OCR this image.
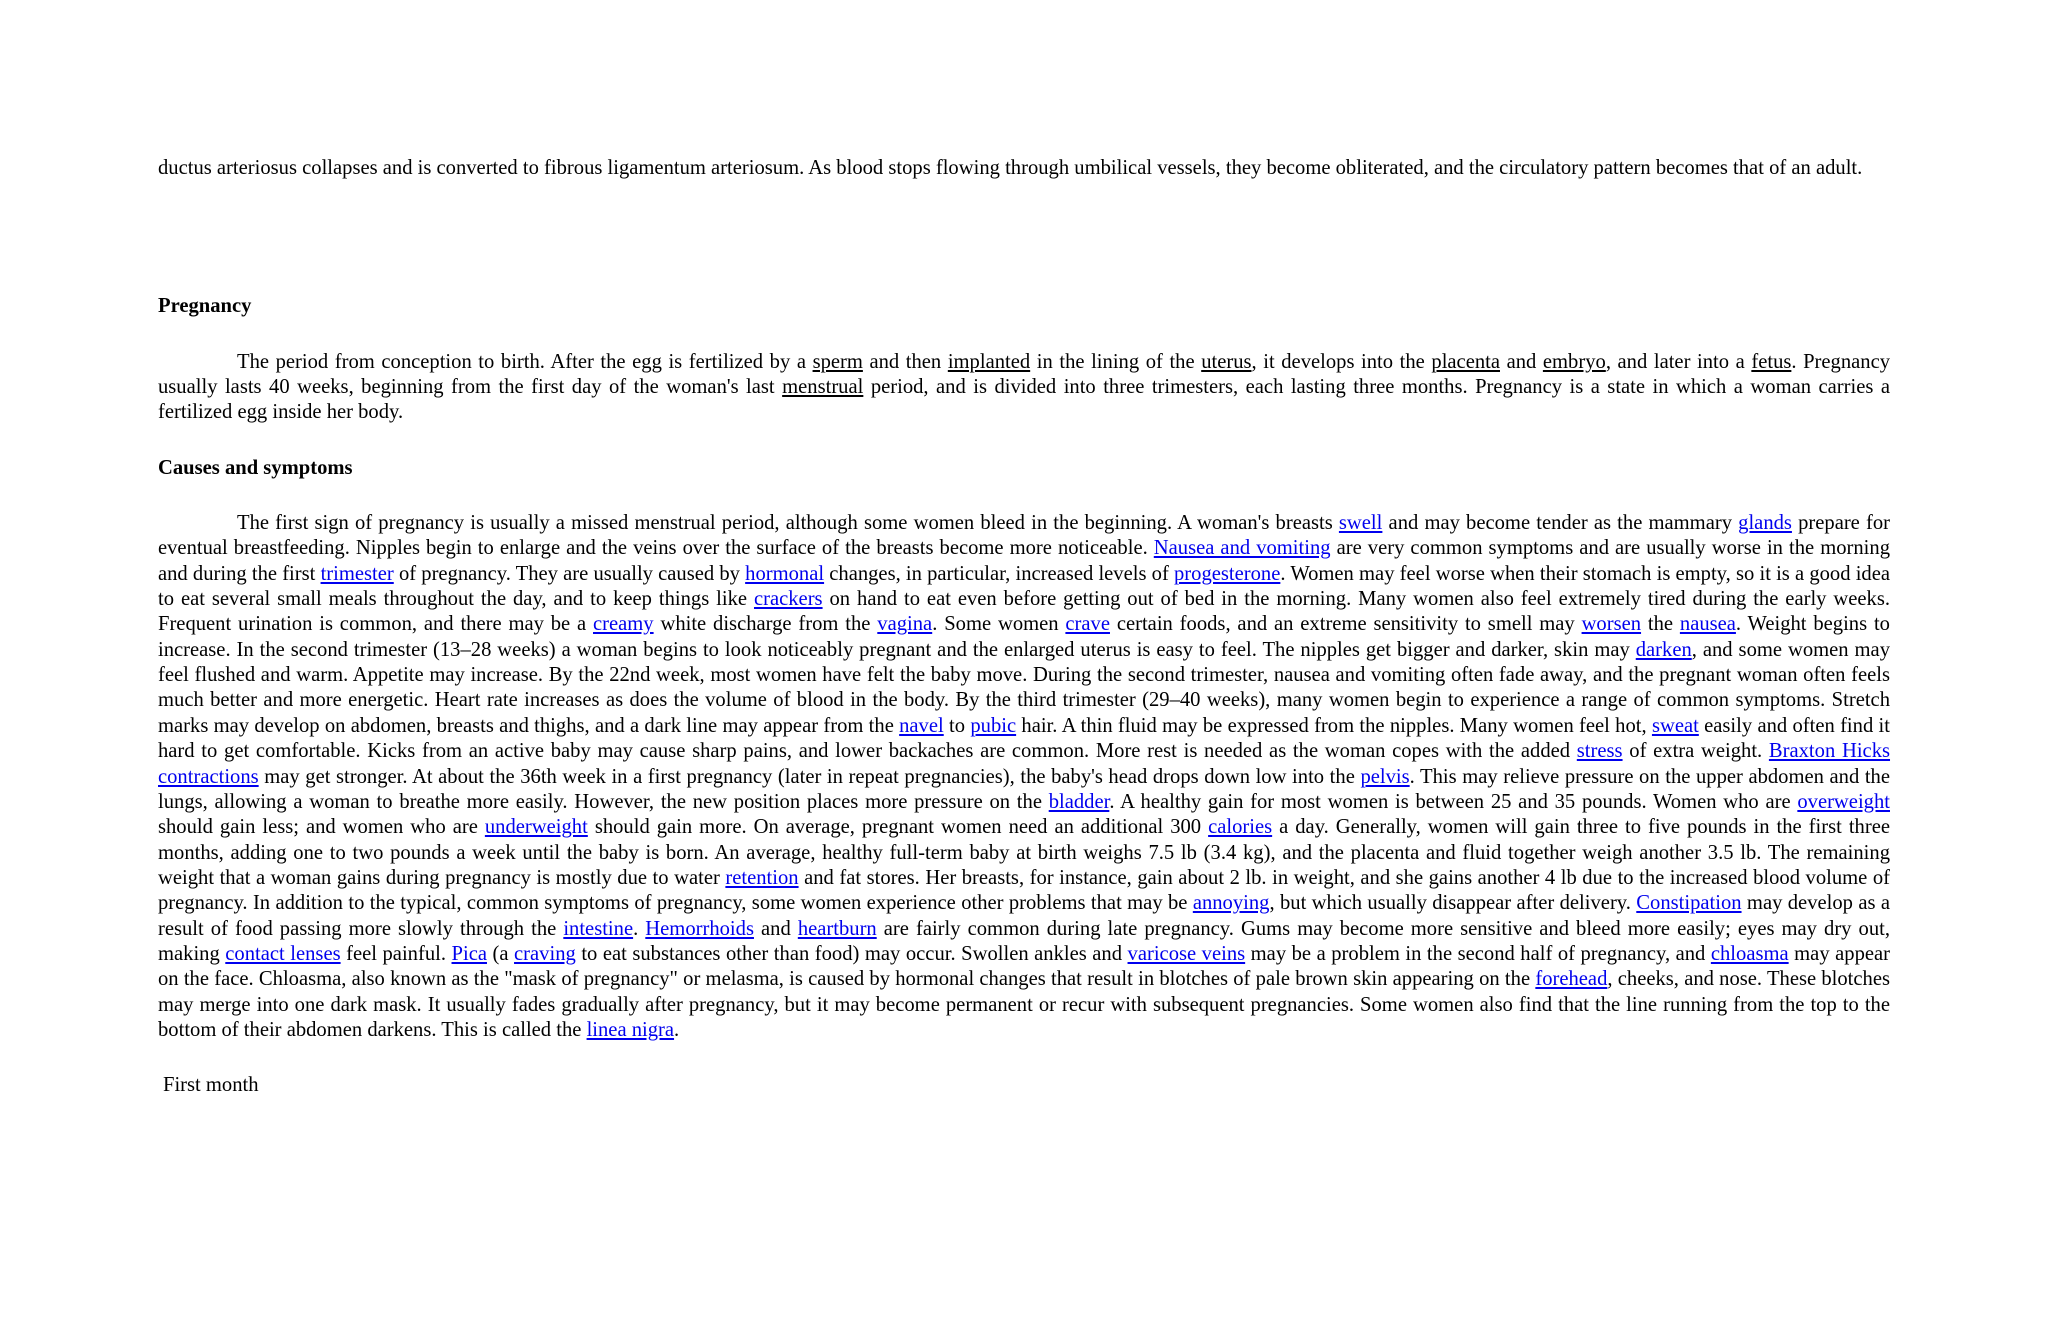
ductus arteriosus collapses and is converted to fibrous ligamentum arteriosum. As blood stops flowing through umbilical vessels, they become obliterated, and the circulatory pattern becomes that of an adult.

Pregnancy

The period from conception to birth. After the egg is fertilized by a sperm and then implanted in the lining of the uterus, it develops into the placenta and embryo, and later into a fetus. Pregnancy usually lasts 40 weeks, beginning from the first day of the woman's last menstrual period, and is divided into three trimesters, each lasting three months. Pregnancy is a state in which a woman carries a fertilized egg inside her body.

Causes and symptoms

The first sign of pregnancy is usually a missed menstrual period, although some women bleed in the beginning. A woman's breasts swell and may become tender as the mammary glands prepare for eventual breastfeeding. Nipples begin to enlarge and the veins over the surface of the breasts become more noticeable. Nausea and vomiting are very common symptoms and are usually worse in the morning and during the first trimester of pregnancy. They are usually caused by hormonal changes, in particular, increased levels of progesterone. Women may feel worse when their stomach is empty, so it is a good idea to eat several small meals throughout the day, and to keep things like crackers on hand to eat even before getting out of bed in the morning. Many women also feel extremely tired during the early weeks. Frequent urination is common, and there may be a creamy white discharge from the vagina. Some women crave certain foods, and an extreme sensitivity to smell may worsen the nausea. Weight begins to increase. In the second trimester (13–28 weeks) a woman begins to look noticeably pregnant and the enlarged uterus is easy to feel. The nipples get bigger and darker, skin may darken, and some women may feel flushed and warm. Appetite may increase. By the 22nd week, most women have felt the baby move. During the second trimester, nausea and vomiting often fade away, and the pregnant woman often feels much better and more energetic. Heart rate increases as does the volume of blood in the body. By the third trimester (29–40 weeks), many women begin to experience a range of common symptoms. Stretch marks may develop on abdomen, breasts and thighs, and a dark line may appear from the navel to pubic hair. A thin fluid may be expressed from the nipples. Many women feel hot, sweat easily and often find it hard to get comfortable. Kicks from an active baby may cause sharp pains, and lower backaches are common. More rest is needed as the woman copes with the added stress of extra weight. Braxton Hicks contractions may get stronger. At about the 36th week in a first pregnancy (later in repeat pregnancies), the baby's head drops down low into the pelvis. This may relieve pressure on the upper abdomen and the lungs, allowing a woman to breathe more easily. However, the new position places more pressure on the bladder. A healthy gain for most women is between 25 and 35 pounds. Women who are overweight should gain less; and women who are underweight should gain more. On average, pregnant women need an additional 300 calories a day. Generally, women will gain three to five pounds in the first three months, adding one to two pounds a week until the baby is born. An average, healthy full-term baby at birth weighs 7.5 lb (3.4 kg), and the placenta and fluid together weigh another 3.5 lb. The remaining weight that a woman gains during pregnancy is mostly due to water retention and fat stores. Her breasts, for instance, gain about 2 lb. in weight, and she gains another 4 lb due to the increased blood volume of pregnancy. In addition to the typical, common symptoms of pregnancy, some women experience other problems that may be annoying, but which usually disappear after delivery. Constipation may develop as a result of food passing more slowly through the intestine. Hemorrhoids and heartburn are fairly common during late pregnancy. Gums may become more sensitive and bleed more easily; eyes may dry out, making contact lenses feel painful. Pica (a craving to eat substances other than food) may occur. Swollen ankles and varicose veins may be a problem in the second half of pregnancy, and chloasma may appear on the face. Chloasma, also known as the "mask of pregnancy" or melasma, is caused by hormonal changes that result in blotches of pale brown skin appearing on the forehead, cheeks, and nose. These blotches may merge into one dark mask. It usually fades gradually after pregnancy, but it may become permanent or recur with subsequent pregnancies. Some women also find that the line running from the top to the bottom of their abdomen darkens. This is called the linea nigra.

First month
